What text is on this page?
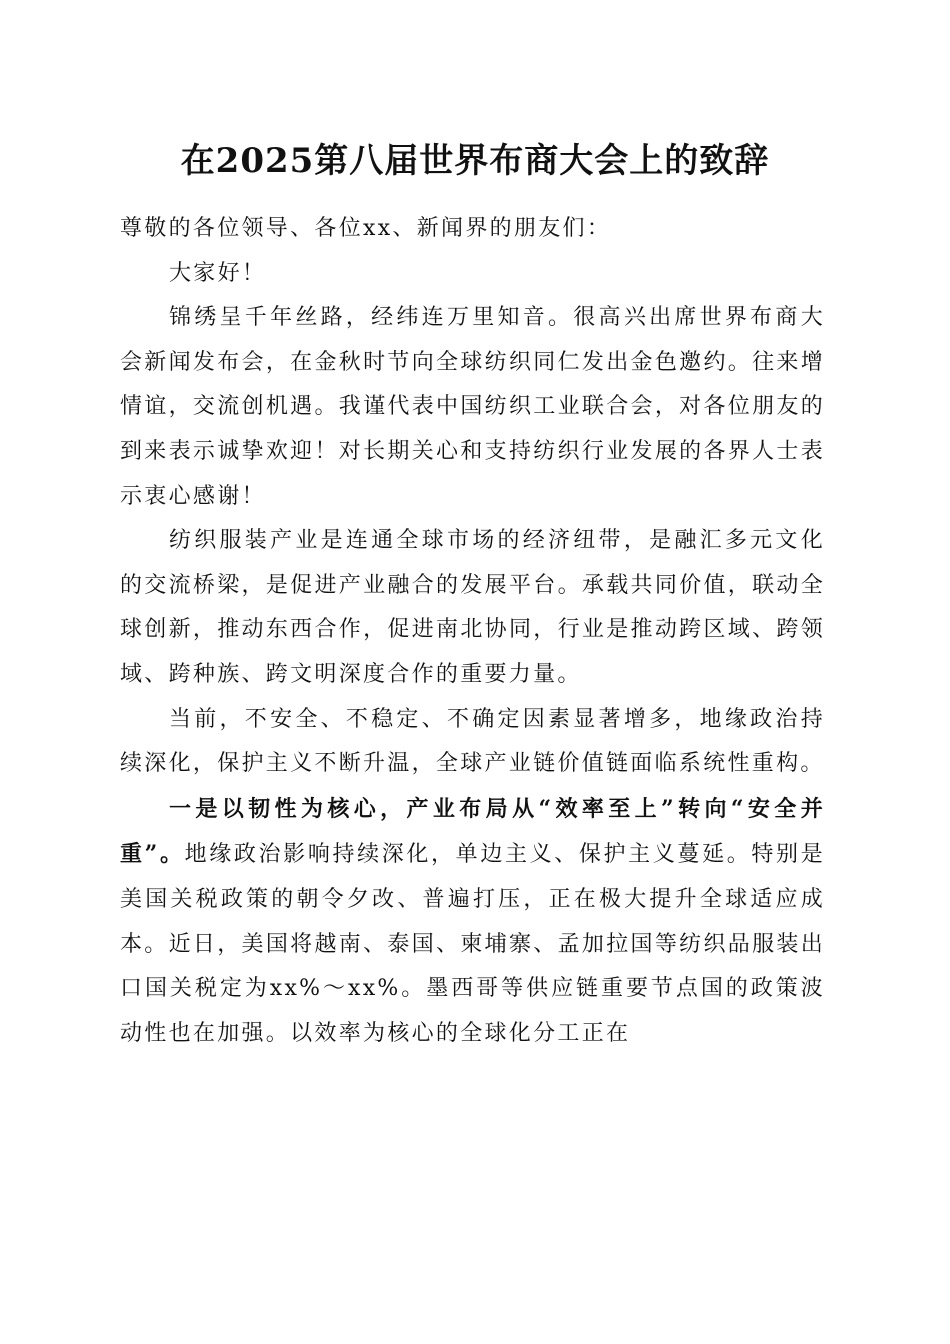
在2025第八届世界布商大会上的致辞

尊敬的各位领导、各位xx、新闻界的朋友们：

大家好！

锦绣呈千年丝路，经纬连万里知音。很高兴出席世界布商大会新闻发布会，在金秋时节向全球纺织同仁发出金色邀约。往来增情谊，交流创机遇。我谨代表中国纺织工业联合会，对各位朋友的到来表示诚挚欢迎！对长期关心和支持纺织行业发展的各界人士表示衷心感谢！

纺织服装产业是连通全球市场的经济纽带，是融汇多元文化的交流桥梁，是促进产业融合的发展平台。承载共同价值，联动全球创新，推动东西合作，促进南北协同，行业是推动跨区域、跨领域、跨种族、跨文明深度合作的重要力量。

当前，不安全、不稳定、不确定因素显著增多，地缘政治持续深化，保护主义不断升温，全球产业链价值链面临系统性重构。

一是以韧性为核心，产业布局从“效率至上”转向“安全并重”。地缘政治影响持续深化，单边主义、保护主义蔓延。特别是美国关税政策的朝令夕改、普遍打压，正在极大提升全球适应成本。近日，美国将越南、泰国、柬埔寨、孟加拉国等纺织品服装出口国关税定为xx%～xx%。墨西哥等供应链重要节点国的政策波动性也在加强。以效率为核心的全球化分工正在
